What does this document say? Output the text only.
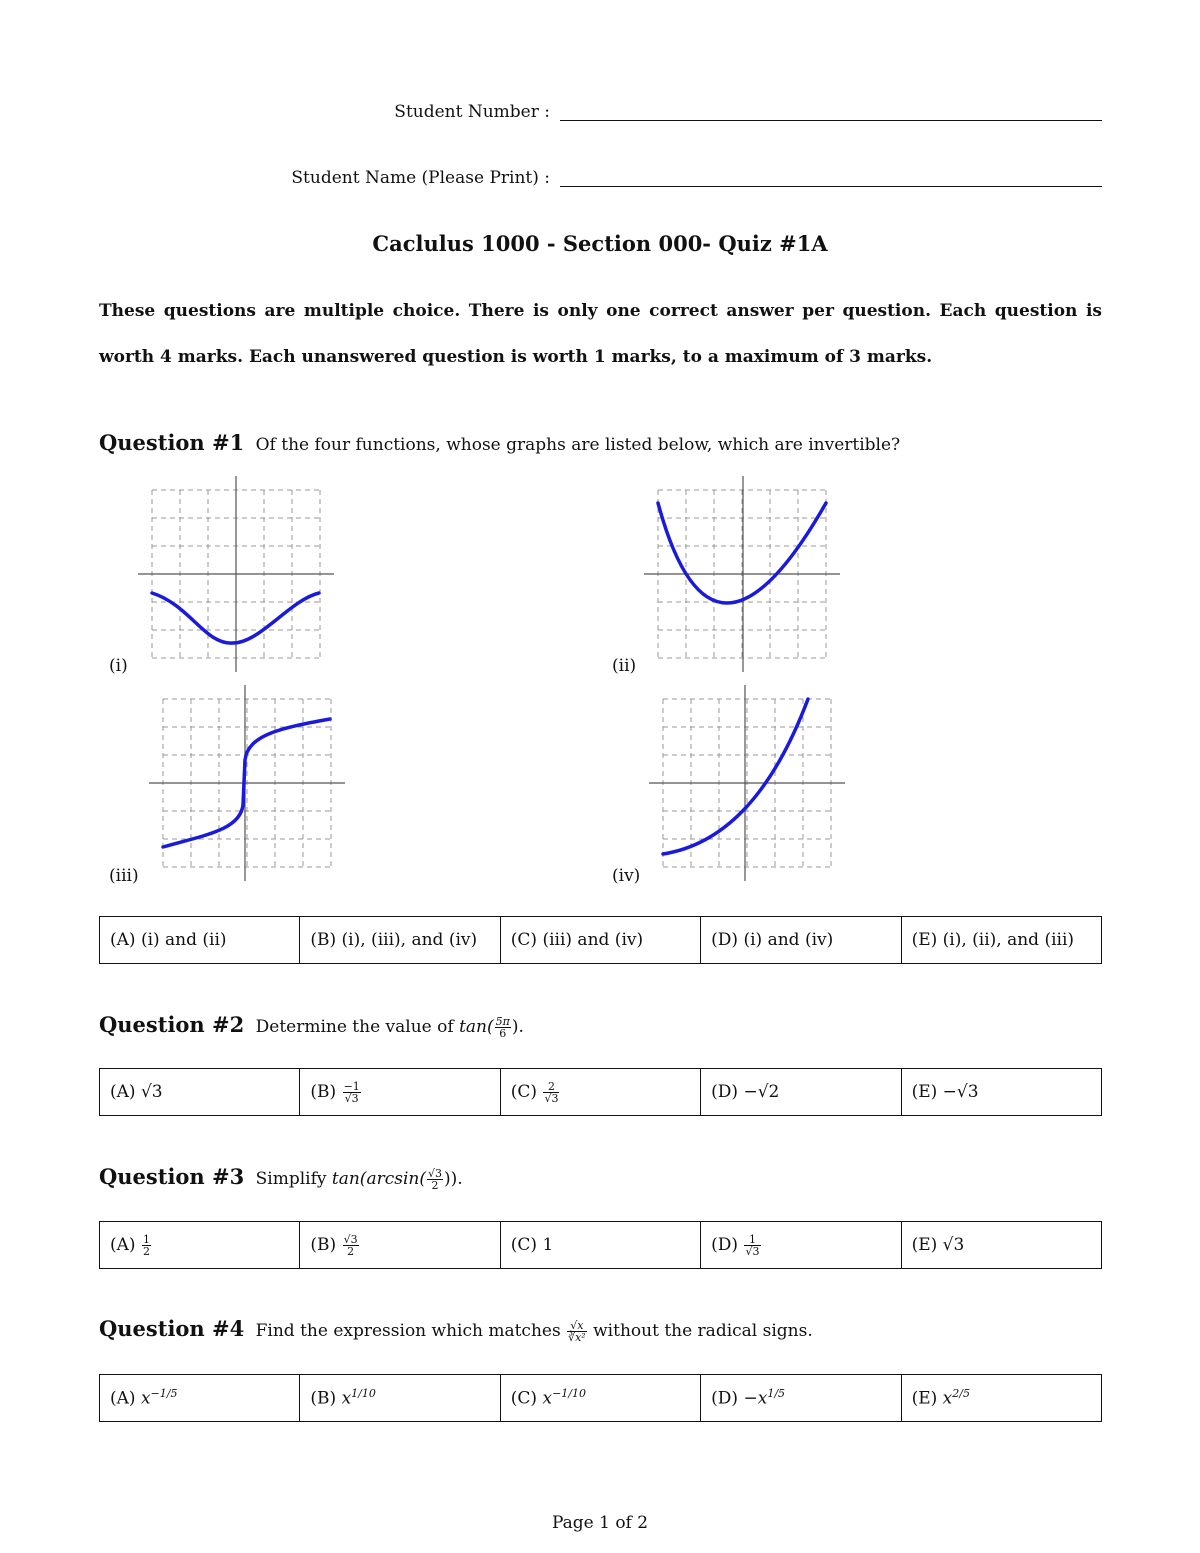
Student Number :
Student Name (Please Print) :
Caclulus 1000 - Section 000- Quiz #1A
These questions are multiple choice. There is only one correct answer per question. Each question is
worth 4 marks. Each unanswered question is worth 1 marks, to a maximum of 3 marks.
Question #1 Of the four functions, whose graphs are listed below, which are invertible?
(i)	(ii)
(iii)	(iv)
(A) (i) and (ii)	(B) (i), (iii), and (iv)	(C) (iii) and (iv)	(D) (i) and (iv)	(E) (i), (ii), and (iii)
Question #2 Determine the value of $\tan( \frac{5\pi}{6}$ ).
(A) √3	$(B) \frac{-1}{√3}$	$(C) \frac{2}{√3}$	(D) −√2	(E) −√3
Question #3 Simplify $\tan(\arcsin( \frac{√3}{2}$ )).
$(A) \frac{1}{2}$	$(B) \frac{√3}{2}$	(C) 1	$(D) \frac{1}{√3}$	(E) √3
Question #4 Find the expression which matches $\frac{√x}{\text{∛x²}}$ without the radical signs.
(A) $x^{-1/5}$	(B) $x^{1/10}$	(C) $x^{-1/10}$	$(D) -x^{1/5}$	(E) $x^{2/5}$
Page 1 of 2
